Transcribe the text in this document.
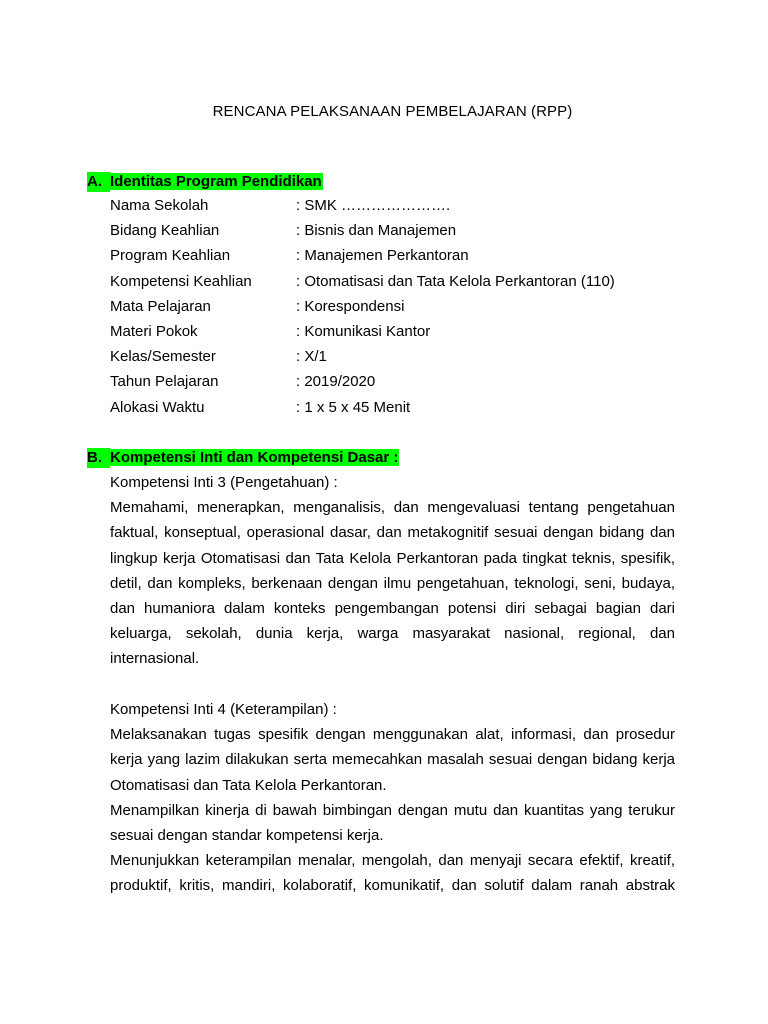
RENCANA PELAKSANAAN PEMBELAJARAN (RPP)
A. Identitas Program Pendidikan
Nama Sekolah	: SMK ………………….
Bidang Keahlian	: Bisnis dan Manajemen
Program Keahlian	: Manajemen Perkantoran
Kompetensi Keahlian	: Otomatisasi dan Tata Kelola Perkantoran (110)
Mata Pelajaran	: Korespondensi
Materi Pokok	: Komunikasi Kantor
Kelas/Semester	: X/1
Tahun Pelajaran	: 2019/2020
Alokasi Waktu	: 1 x 5 x 45 Menit
B. Kompetensi Inti dan Kompetensi Dasar :

Kompetensi Inti 3 (Pengetahuan) :

Memahami, menerapkan, menganalisis, dan mengevaluasi tentang pengetahuan faktual, konseptual, operasional dasar, dan metakognitif sesuai dengan bidang dan lingkup kerja Otomatisasi dan Tata Kelola Perkantoran pada tingkat teknis, spesifik, detil, dan kompleks, berkenaan dengan ilmu pengetahuan, teknologi, seni, budaya, dan humaniora dalam konteks pengembangan potensi diri sebagai bagian dari keluarga, sekolah, dunia kerja, warga masyarakat nasional, regional, dan internasional.

Kompetensi Inti 4 (Keterampilan) :

Melaksanakan tugas spesifik dengan menggunakan alat, informasi, dan prosedur kerja yang lazim dilakukan serta memecahkan masalah sesuai dengan bidang kerja Otomatisasi dan Tata Kelola Perkantoran.

Menampilkan kinerja di bawah bimbingan dengan mutu dan kuantitas yang terukur sesuai dengan standar kompetensi kerja.

Menunjukkan keterampilan menalar, mengolah, dan menyaji secara efektif, kreatif, produktif, kritis, mandiri, kolaboratif, komunikatif, dan solutif dalam ranah abstrak
